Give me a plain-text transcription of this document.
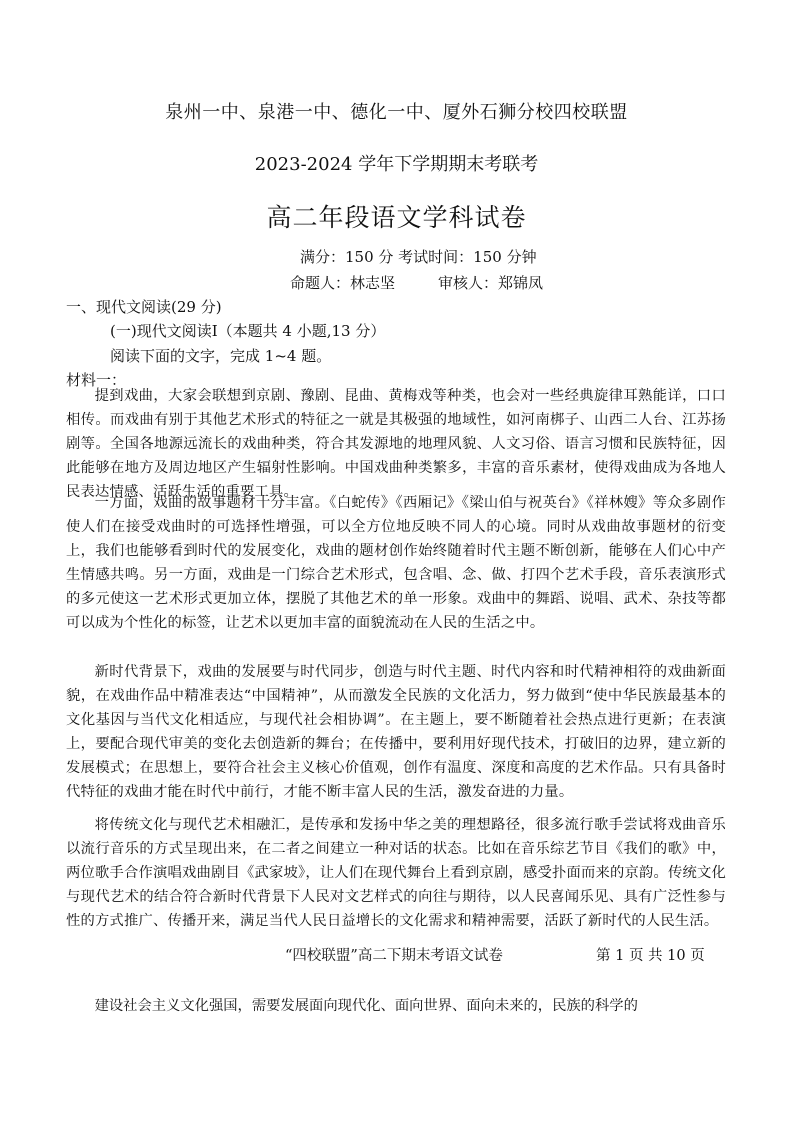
泉州一中、泉港一中、德化一中、厦外石狮分校四校联盟
2023-2024 学年下学期期末考联考
高二年段语文学科试卷
满分：150 分 考试时间：150 分钟
命题人：林志坚	审核人：郑锦凤
一、现代文阅读(29 分)
(一)现代文阅读Ⅰ（本题共 4 小题,13 分）
阅读下面的文字，完成 1~4 题。
材料一：

提到戏曲，大家会联想到京剧、豫剧、昆曲、黄梅戏等种类，也会对一些经典旋律耳熟能详，口口相传。而戏曲有别于其他艺术形式的特征之一就是其极强的地域性，如河南梆子、山西二人台、江苏扬剧等。全国各地源远流长的戏曲种类，符合其发源地的地理风貌、人文习俗、语言习惯和民族特征，因此能够在地方及周边地区产生辐射性影响。中国戏曲种类繁多，丰富的音乐素材，使得戏曲成为各地人民表达情感、活跃生活的重要工具。

一方面，戏曲的故事题材十分丰富。《白蛇传》《西厢记》《梁山伯与祝英台》《祥林嫂》等众多剧作使人们在接受戏曲时的可选择性增强，可以全方位地反映不同人的心境。同时从戏曲故事题材的衍变上，我们也能够看到时代的发展变化，戏曲的题材创作始终随着时代主题不断创新，能够在人们心中产生情感共鸣。另一方面，戏曲是一门综合艺术形式，包含唱、念、做、打四个艺术手段，音乐表演形式的多元使这一艺术形式更加立体，摆脱了其他艺术的单一形象。戏曲中的舞蹈、说唱、武术、杂技等都可以成为个性化的标签，让艺术以更加丰富的面貌流动在人民的生活之中。

新时代背景下，戏曲的发展要与时代同步，创造与时代主题、时代内容和时代精神相符的戏曲新面貌，在戏曲作品中精准表达“中国精神”，从而激发全民族的文化活力，努力做到“使中华民族最基本的文化基因与当代文化相适应，与现代社会相协调”。在主题上，要不断随着社会热点进行更新；在表演上，要配合现代审美的变化去创造新的舞台；在传播中，要利用好现代技术，打破旧的边界，建立新的发展模式；在思想上，要符合社会主义核心价值观，创作有温度、深度和高度的艺术作品。只有具备时代特征的戏曲才能在时代中前行，才能不断丰富人民的生活，激发奋进的力量。

将传统文化与现代艺术相融汇，是传承和发扬中华之美的理想路径，很多流行歌手尝试将戏曲音乐以流行音乐的方式呈现出来，在二者之间建立一种对话的状态。比如在音乐综艺节目《我们的歌》中，两位歌手合作演唱戏曲剧目《武家坡》，让人们在现代舞台上看到京剧，感受扑面而来的京韵。传统文化与现代艺术的结合符合新时代背景下人民对文艺样式的向往与期待，以人民喜闻乐见、具有广泛性参与性的方式推广、传播开来，满足当代人民日益增长的文化需求和精神需要，活跃了新时代的人民生活。

“四校联盟”高二下期末考语文试卷	第 1 页 共 10 页
建设社会主义文化强国，需要发展面向现代化、面向世界、面向未来的，民族的科学的
